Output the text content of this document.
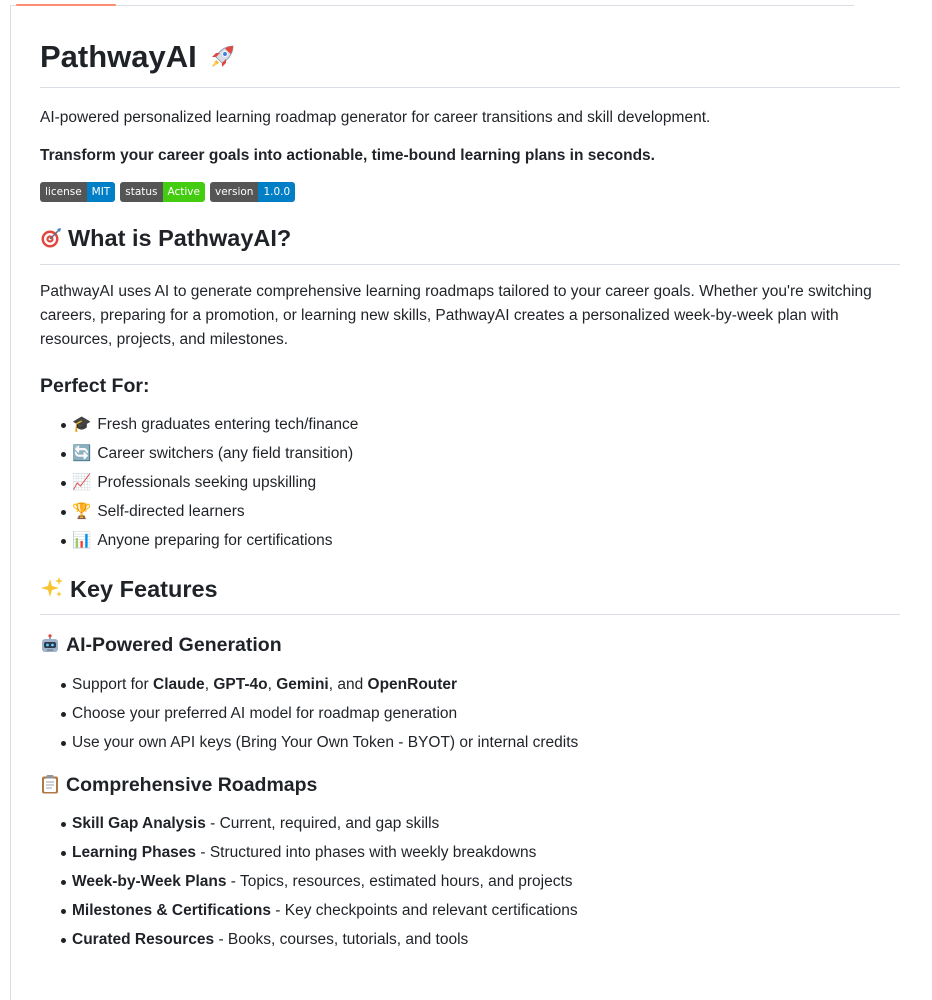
PathwayAI

AI-powered personalized learning roadmap generator for career transitions and skill development.

Transform your career goals into actionable, time-bound learning plans in seconds.

license MIT	status Active	version 1.0.0
What is PathwayAI?

PathwayAI uses AI to generate comprehensive learning roadmaps tailored to your career goals. Whether you're switching careers, preparing for a promotion, or learning new skills, PathwayAI creates a personalized week-by-week plan with resources, projects, and milestones.

Perfect For:
🎓 Fresh graduates entering tech/finance
🔄 Career switchers (any field transition)
📈 Professionals seeking upskilling
🏆 Self-directed learners
📊 Anyone preparing for certifications
Key Features
AI-Powered Generation
Support for Claude, GPT-4o, Gemini, and OpenRouter
Choose your preferred AI model for roadmap generation
Use your own API keys (Bring Your Own Token - BYOT) or internal credits
Comprehensive Roadmaps
Skill Gap Analysis - Current, required, and gap skills
Learning Phases - Structured into phases with weekly breakdowns
Week-by-Week Plans - Topics, resources, estimated hours, and projects
Milestones & Certifications - Key checkpoints and relevant certifications
Curated Resources - Books, courses, tutorials, and tools
